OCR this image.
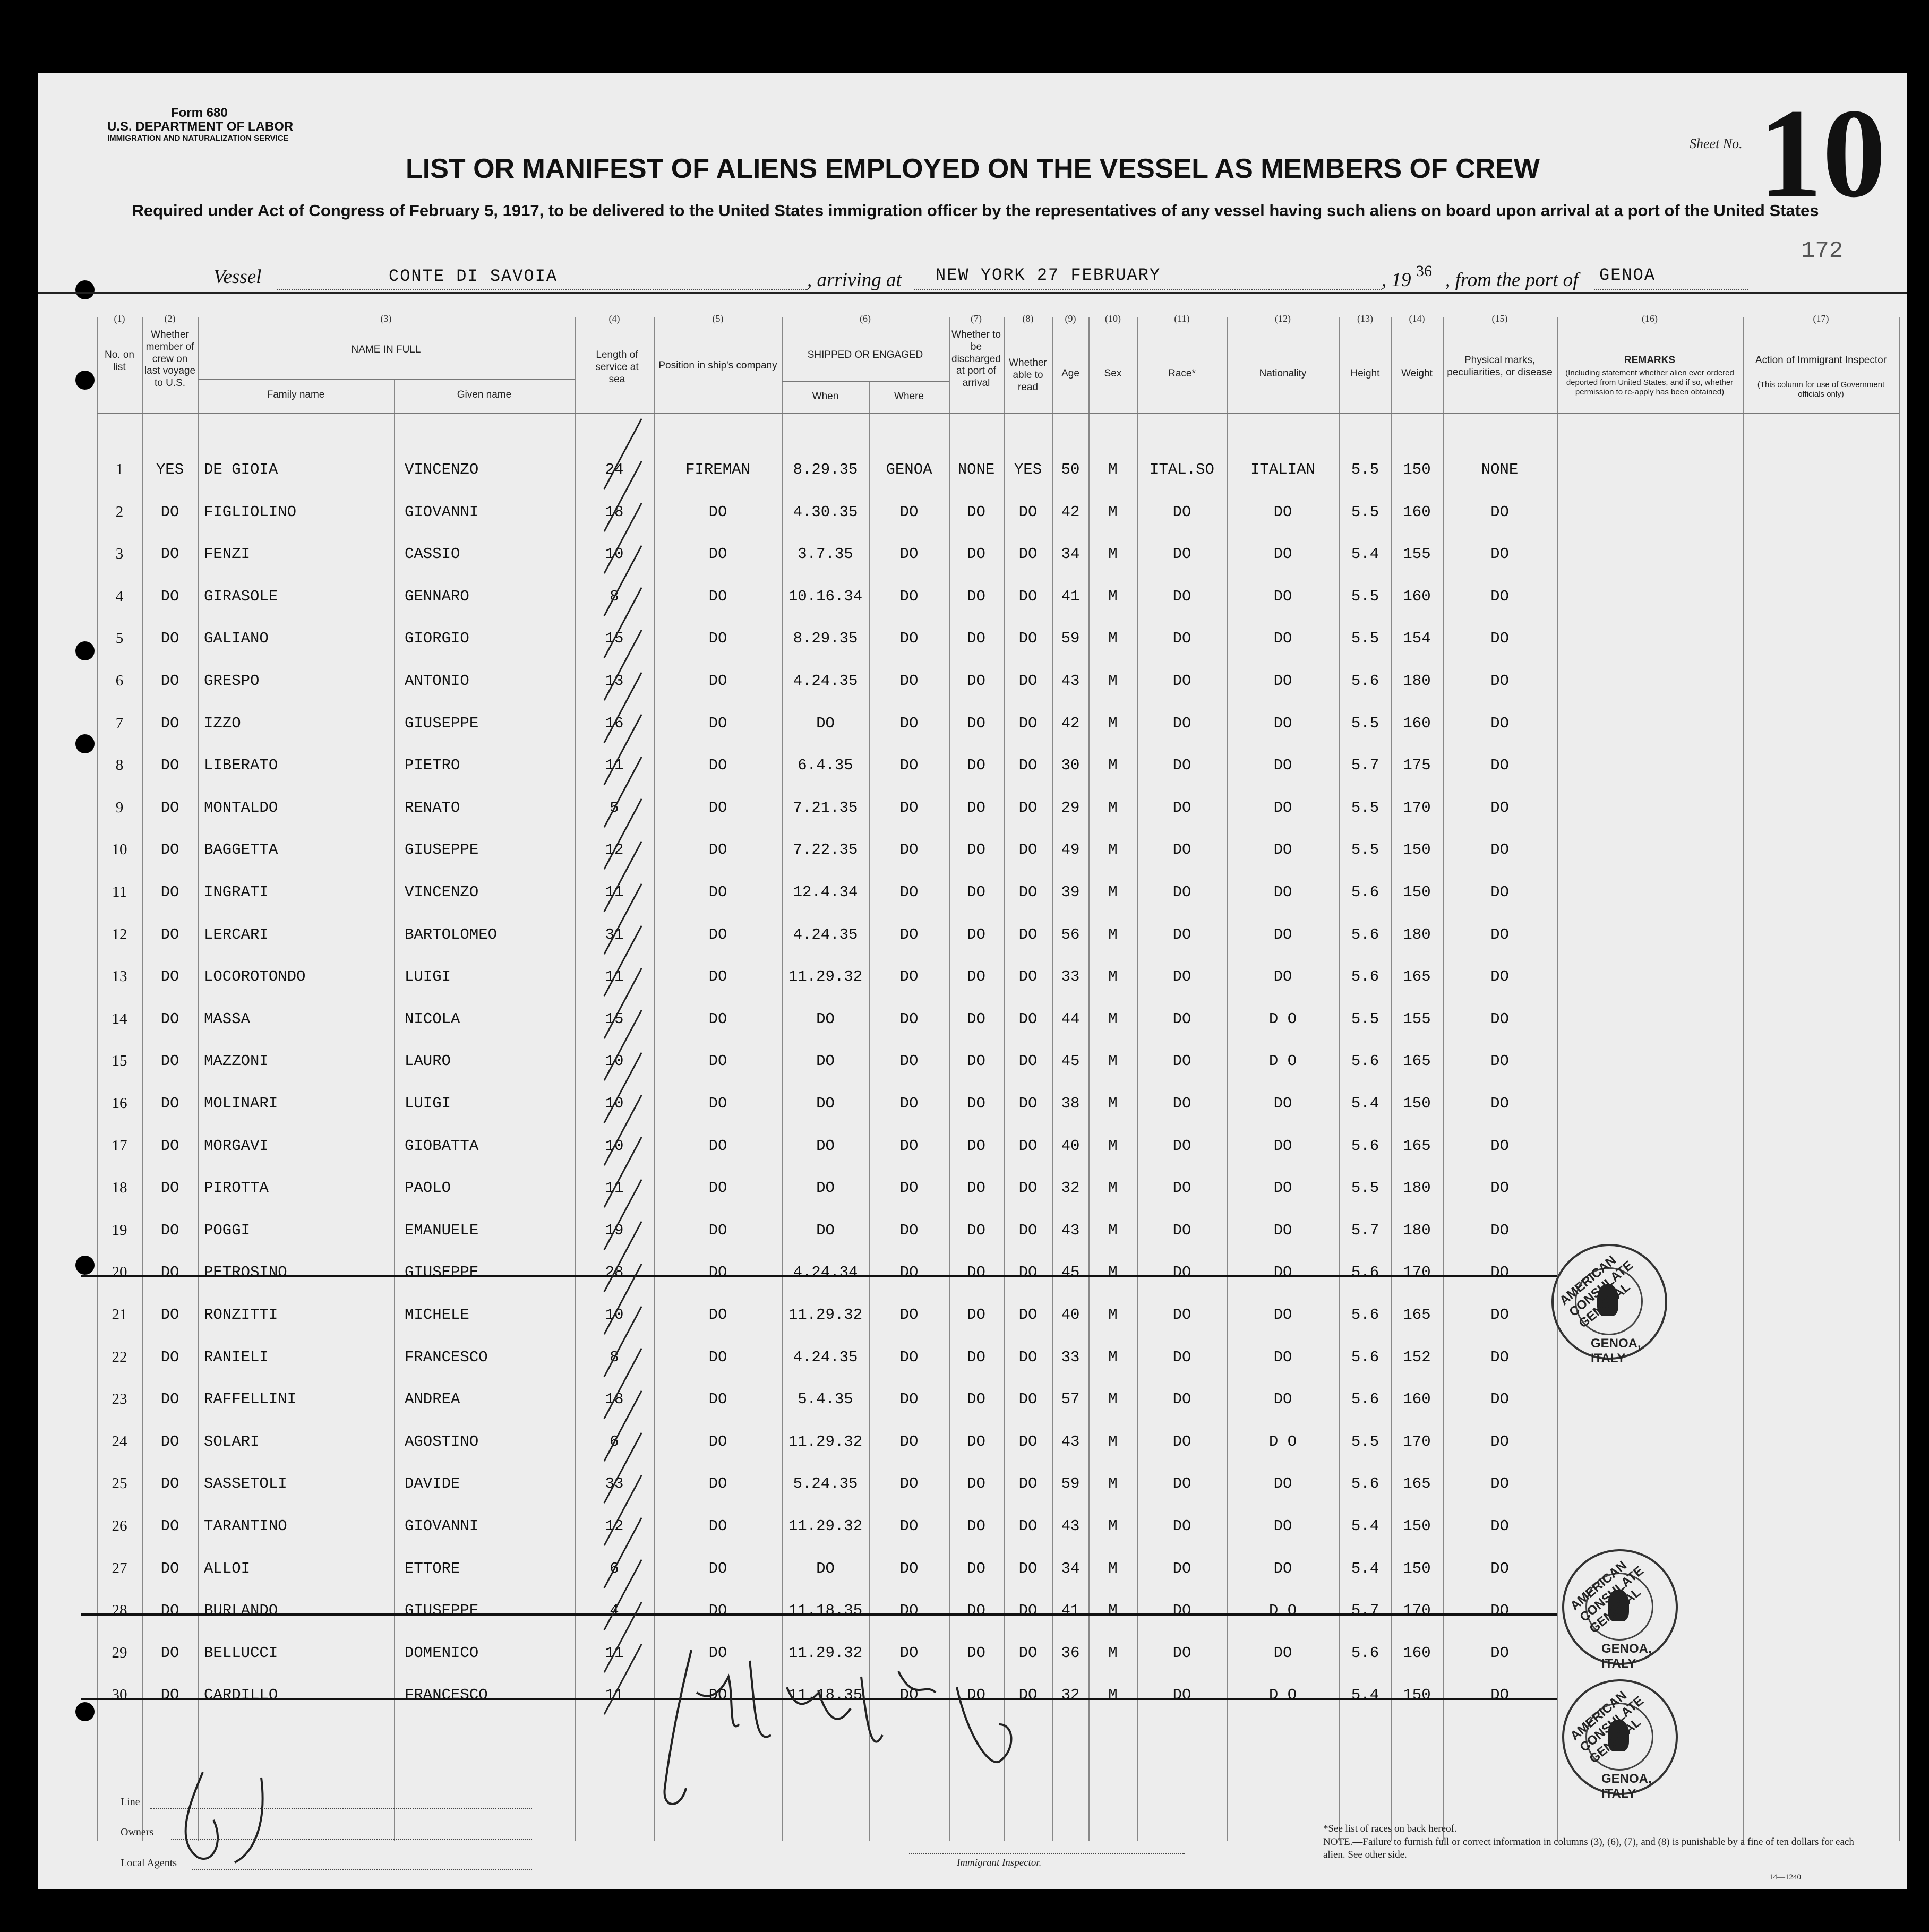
Form 680
U.S. DEPARTMENT OF LABOR
IMMIGRATION AND NATURALIZATION SERVICE	Sheet No. 10
172
LIST OR MANIFEST OF ALIENS EMPLOYED ON THE VESSEL AS MEMBERS OF CREW
Required under Act of Congress of February 5, 1917, to be delivered to the United States immigration officer by the representatives of any vessel having such aliens on board upon arrival at a port of the United States
Vessel	CONTE DI SAVOIA	, arriving at NEW YORK 27 FEBRUARY	, 19 36 , from the port of GENOA
(1)	(2)	(3)	(4)	(5)	(6)	(7)	(8)	(9)	(10)	(11)	(12)	(13)	(14)	(15)	(16)	(17)
No. on list
Whether member of crew on last voyage to U.S.
NAME IN FULL
Family name	Given name
Length of service at sea
Position in ship's company
SHIPPED OR ENGAGED
When	Where
Whether to be discharged at port of arrival
Whether able to read
Age	Sex	Race*	Nationality	Height	Weight
Physical marks, peculiarities, or disease
REMARKS
(Including statement whether alien ever ordered deported from United States, and if so, whether permission to re-apply has been obtained)
Action of Immigrant Inspector
(This column for use of Government officials only)
1	YES	DE GIOIA	VINCENZO	24	FIREMAN	8.29.35	GENOA	NONE	YES	50	M	ITAL.SO	ITALIAN	5.5	150	NONE
2	DO	FIGLIOLINO	GIOVANNI	18	DO	4.30.35	DO	DO	DO	42	M	DO	DO	5.5	160	DO
3	DO	FENZI	CASSIO	10	DO	3.7.35	DO	DO	DO	34	M	DO	DO	5.4	155	DO
4	DO	GIRASOLE	GENNARO	8	DO	10.16.34	DO	DO	DO	41	M	DO	DO	5.5	160	DO
5	DO	GALIANO	GIORGIO	15	DO	8.29.35	DO	DO	DO	59	M	DO	DO	5.5	154	DO
6	DO	GRESPO	ANTONIO	13	DO	4.24.35	DO	DO	DO	43	M	DO	DO	5.6	180	DO
7	DO	IZZO	GIUSEPPE	16	DO	DO	DO	DO	DO	42	M	DO	DO	5.5	160	DO
8	DO	LIBERATO	PIETRO	11	DO	6.4.35	DO	DO	DO	30	M	DO	DO	5.7	175	DO
9	DO	MONTALDO	RENATO	5	DO	7.21.35	DO	DO	DO	29	M	DO	DO	5.5	170	DO
10	DO	BAGGETTA	GIUSEPPE	12	DO	7.22.35	DO	DO	DO	49	M	DO	DO	5.5	150	DO
11	DO	INGRATI	VINCENZO	11	DO	12.4.34	DO	DO	DO	39	M	DO	DO	5.6	150	DO
12	DO	LERCARI	BARTOLOMEO	31	DO	4.24.35	DO	DO	DO	56	M	DO	DO	5.6	180	DO
13	DO	LOCOROTONDO	LUIGI	11	DO	11.29.32	DO	DO	DO	33	M	DO	DO	5.6	165	DO
14	DO	MASSA	NICOLA	15	DO	DO	DO	DO	DO	44	M	DO	D O	5.5	155	DO
15	DO	MAZZONI	LAURO	10	DO	DO	DO	DO	DO	45	M	DO	D O	5.6	165	DO
16	DO	MOLINARI	LUIGI	10	DO	DO	DO	DO	DO	38	M	DO	DO	5.4	150	DO
17	DO	MORGAVI	GIOBATTA	10	DO	DO	DO	DO	DO	40	M	DO	DO	5.6	165	DO
18	DO	PIROTTA	PAOLO	11	DO	DO	DO	DO	DO	32	M	DO	DO	5.5	180	DO
19	DO	POGGI	EMANUELE	19	DO	DO	DO	DO	DO	43	M	DO	DO	5.7	180	DO
20	DO	PETROSINO	GIUSEPPE	28	DO	4.24.34	DO	DO	DO	45	M	DO	DO	5.6	170	DO
21	DO	RONZITTI	MICHELE	10	DO	11.29.32	DO	DO	DO	40	M	DO	DO	5.6	165	DO
22	DO	RANIELI	FRANCESCO	8	DO	4.24.35	DO	DO	DO	33	M	DO	DO	5.6	152	DO
23	DO	RAFFELLINI	ANDREA	18	DO	5.4.35	DO	DO	DO	57	M	DO	DO	5.6	160	DO
24	DO	SOLARI	AGOSTINO	6	DO	11.29.32	DO	DO	DO	43	M	DO	D O	5.5	170	DO
25	DO	SASSETOLI	DAVIDE	33	DO	5.24.35	DO	DO	DO	59	M	DO	DO	5.6	165	DO
26	DO	TARANTINO	GIOVANNI	12	DO	11.29.32	DO	DO	DO	43	M	DO	DO	5.4	150	DO
27	DO	ALLOI	ETTORE	6	DO	DO	DO	DO	DO	34	M	DO	DO	5.4	150	DO
28	DO	BURLANDO	GIUSEPPE	4	DO	11.18.35	DO	DO	DO	41	M	DO	D O	5.7	170	DO
29	DO	BELLUCCI	DOMENICO	11	DO	11.29.32	DO	DO	DO	36	M	DO	DO	5.6	160	DO
30	DO	CARDILLO	FRANCESCO	11	DO	11.18.35	DO	DO	DO	32	M	DO	D O	5.4	150	DO
AMERICAN CONSULATE GENERAL
GENOA, ITALY
AMERICAN CONSULATE GENERAL
GENOA, ITALY
AMERICAN CONSULATE GENERAL
GENOA, ITALY
Line
Owners
Local Agents	Immigrant Inspector.
*See list of races on back hereof.
NOTE.—Failure to furnish full or correct information in columns (3), (6), (7), and (8) is punishable by a fine of ten dollars for each alien. See other side.
14—1240
